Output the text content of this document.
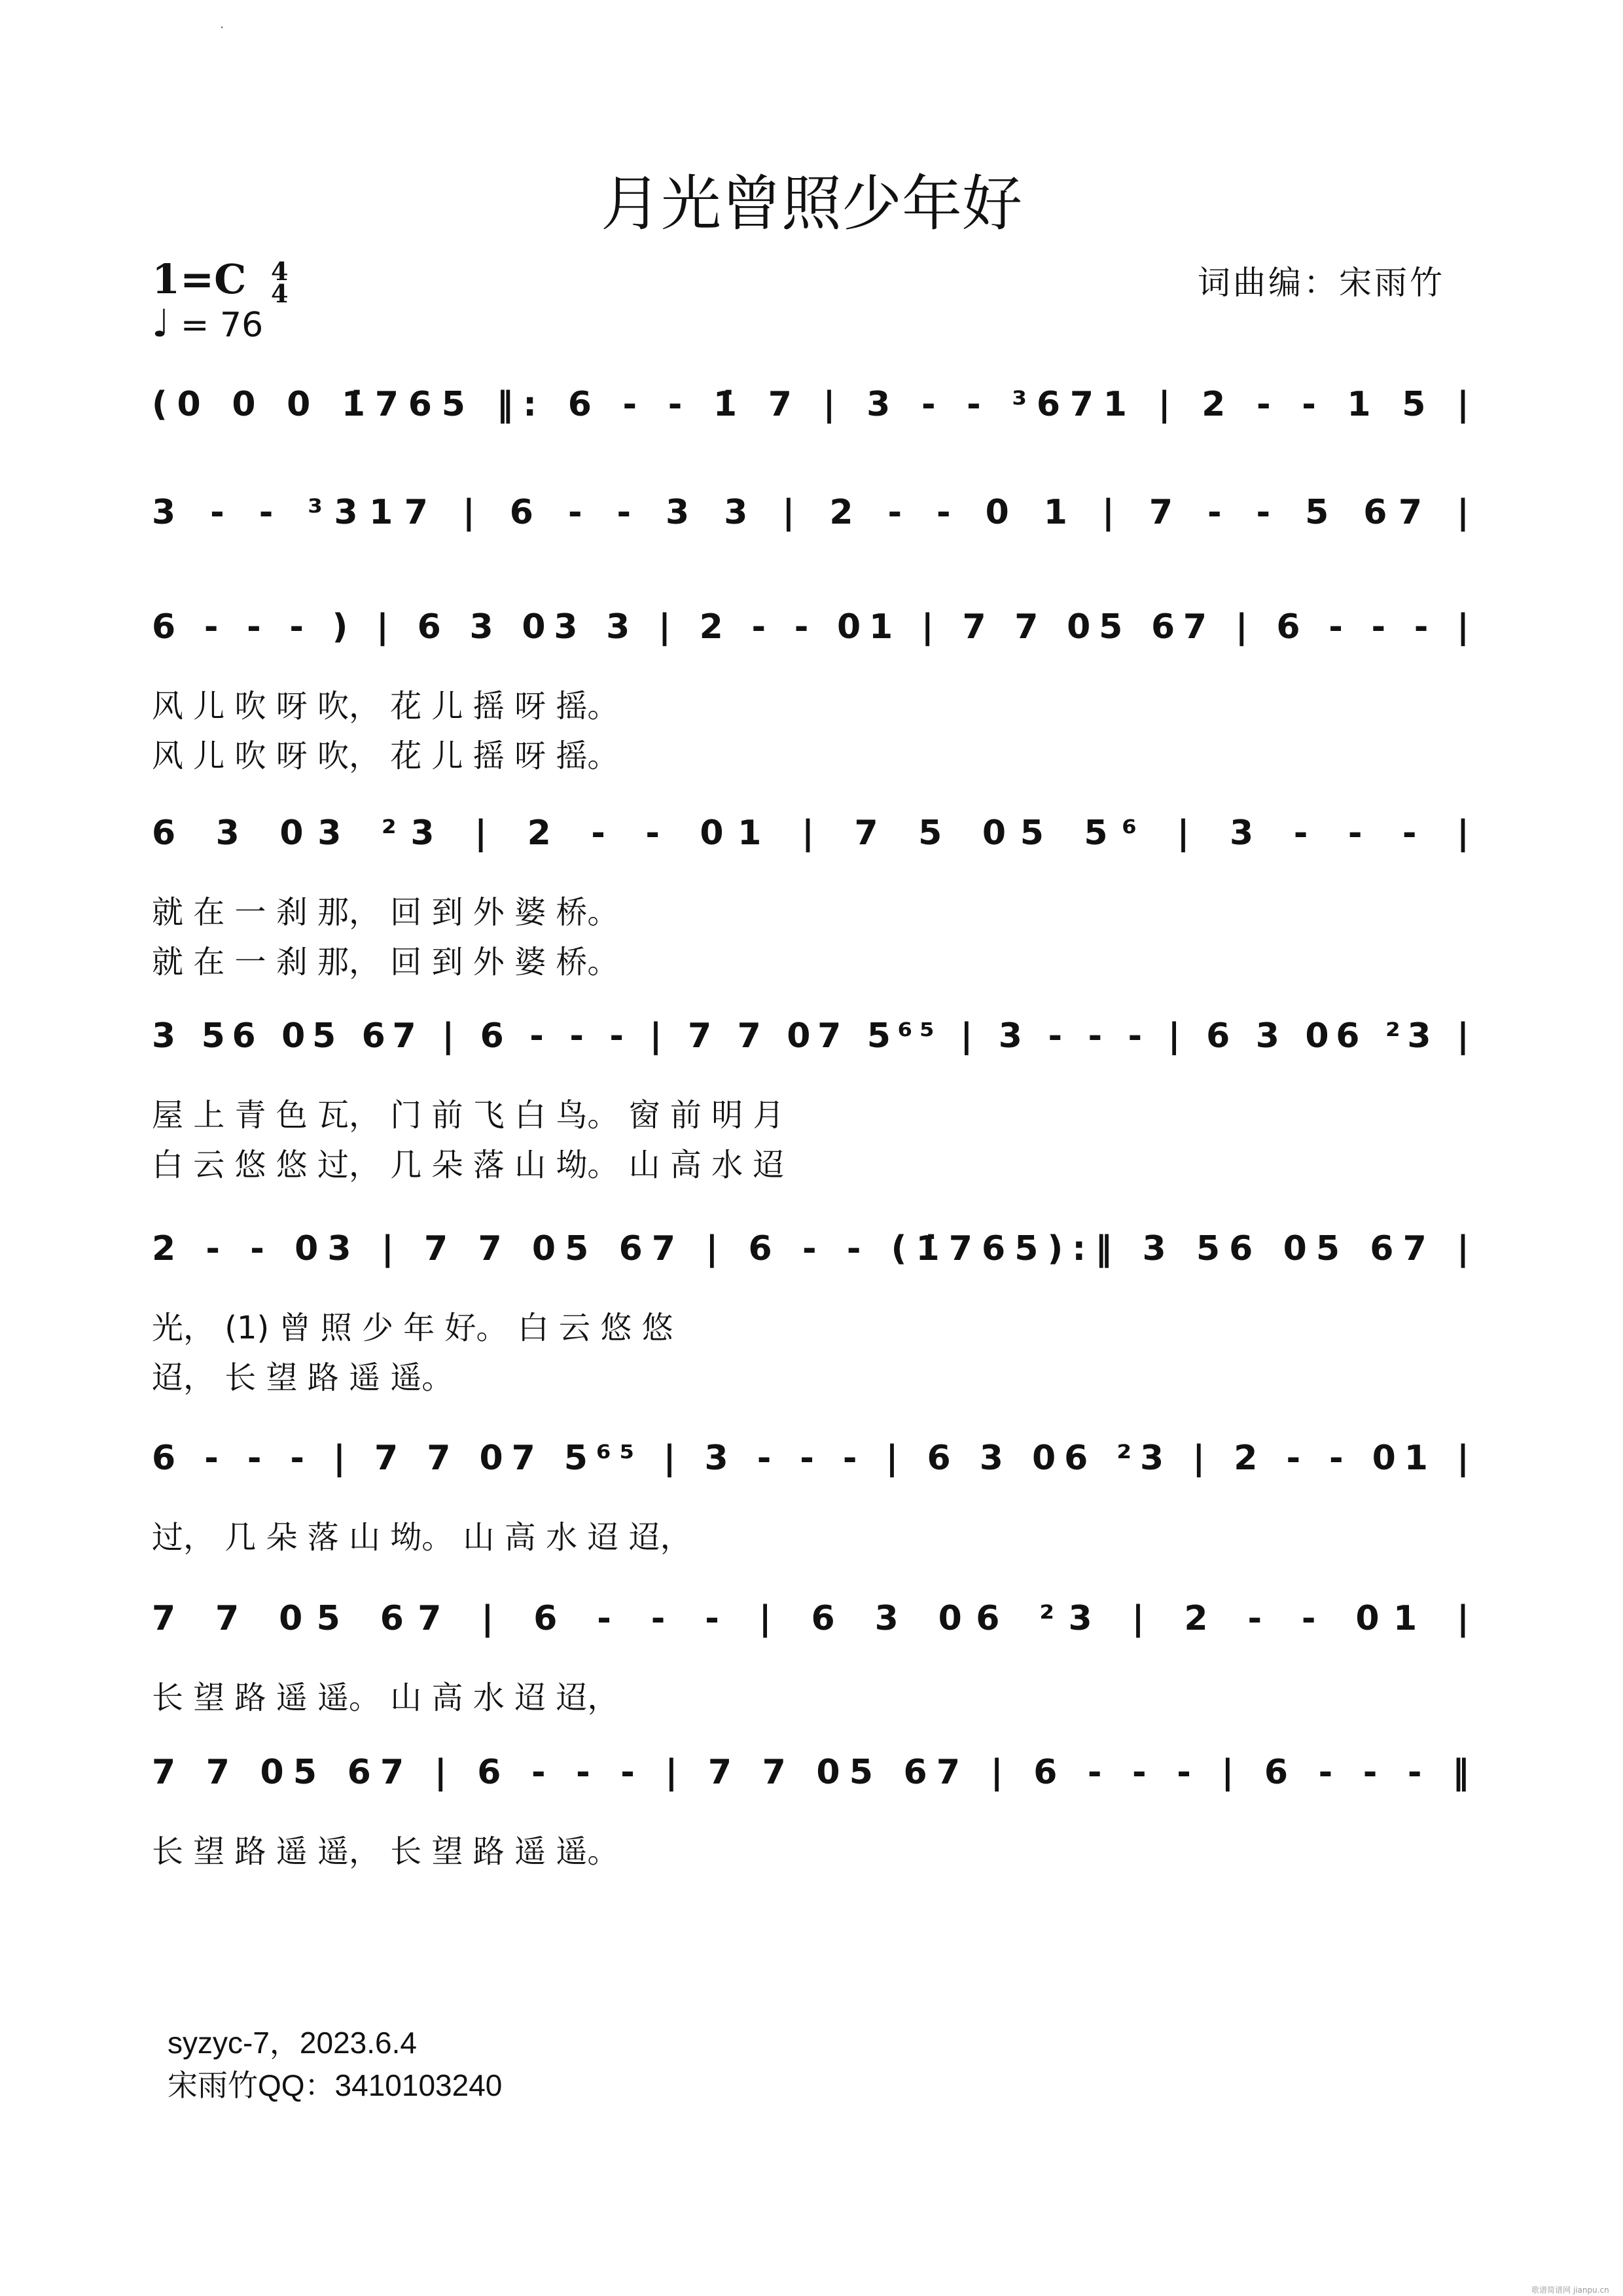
·
月光曾照少年好
1=C 4
4
♩ = 76
词曲编：宋雨竹
(0 0 0 1̇765 ‖: 6 - - 1̇ 7 | 3 - - ³671 | 2 - - 1 5 |
3 - - ³317 | 6 - - 3 3 | 2 - - 0 1 | 7 - - 5 67 |
6 - - - ) | 6 3 03 3 | 2 - - 01 | 7 7 05 67 | 6 - - - |
风 儿 吹 呀 吹， 花 儿 摇 呀 摇。
风 儿 吹 呀 吹， 花 儿 摇 呀 摇。
6 3 03 ²3 | 2 - - 01 | 7 5 05 5⁶ | 3 - - - |
就 在 一 刹 那， 回 到 外 婆 桥。
就 在 一 刹 那， 回 到 外 婆 桥。
3 56 05 67 | 6 - - - | 7 7 07 5⁶⁵ | 3 - - - | 6 3 06 ²3 |
屋 上 青 色 瓦， 门 前 飞 白 鸟。 窗 前 明 月
白 云 悠 悠 过， 几 朵 落 山 坳。 山 高 水 迢
2 - - 03 | 7 7 05 67 | 6 - - (1̇765):‖ 3 56 05 67 |
光， (1) 曾 照 少 年 好。 白 云 悠 悠
迢， 长 望 路 遥 遥。
6 - - - | 7 7 07 5⁶⁵ | 3 - - - | 6 3 06 ²3 | 2 - - 01 |
过， 几 朵 落 山 坳。 山 高 水 迢 迢，
7 7 05 67 | 6 - - - | 6 3 06 ²3 | 2 - - 01 |
长 望 路 遥 遥。 山 高 水 迢 迢，
7 7 05 67 | 6 - - - | 7 7 05 67 | 6 - - - | 6 - - - ‖
长 望 路 遥 遥， 长 望 路 遥 遥。
syzyc-7，2023.6.4
宋雨竹QQ：3410103240
歌谱简谱网 jianpu.cn
